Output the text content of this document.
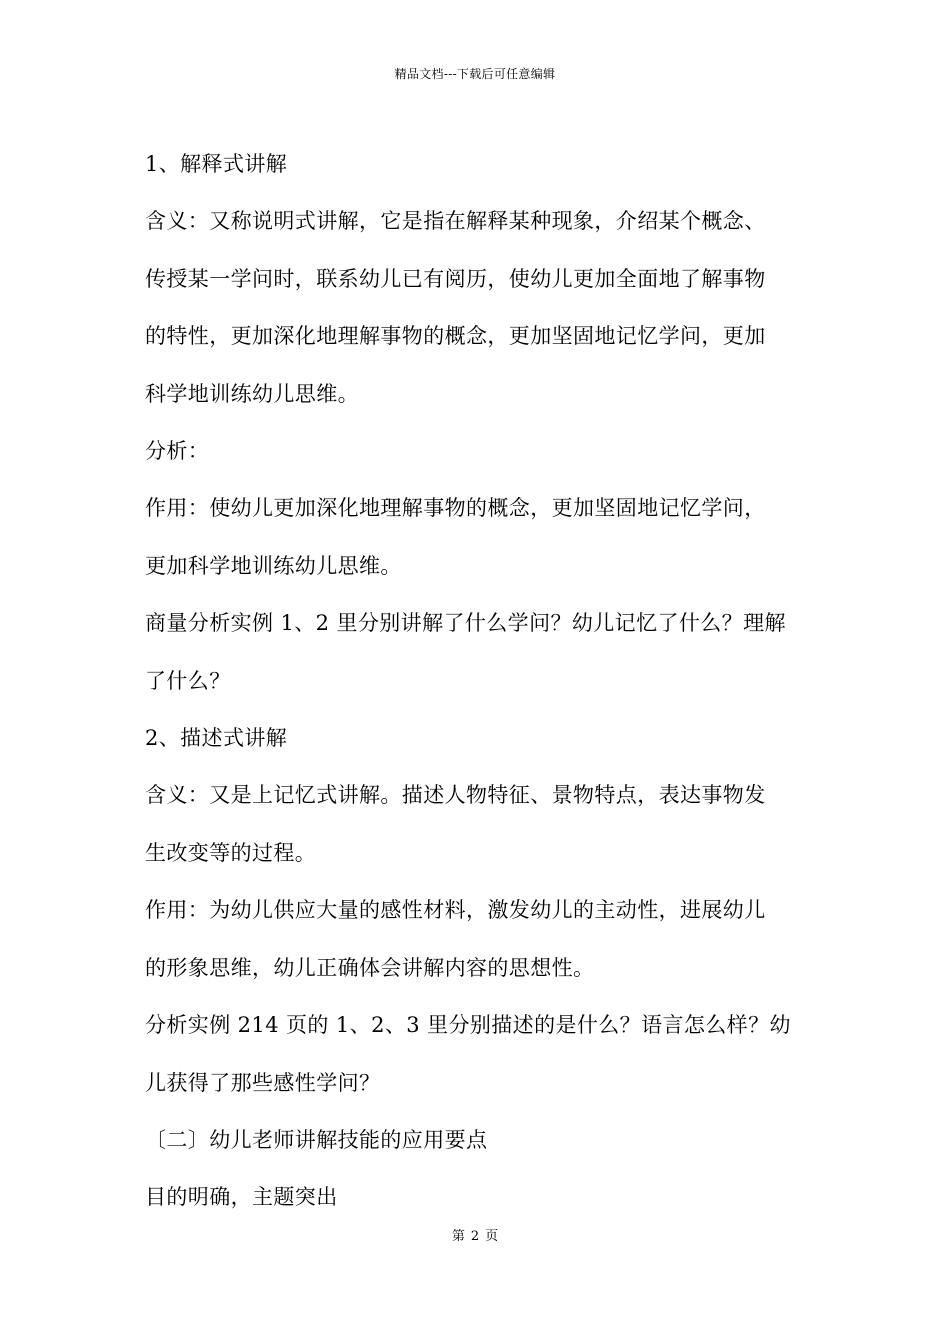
精品文档---下载后可任意编辑

1、解释式讲解

含义：又称说明式讲解，它是指在解释某种现象，介绍某个概念、

传授某一学问时，联系幼儿已有阅历，使幼儿更加全面地了解事物

的特性，更加深化地理解事物的概念，更加坚固地记忆学问，更加

科学地训练幼儿思维。

分析：

作用：使幼儿更加深化地理解事物的概念，更加坚固地记忆学问，

更加科学地训练幼儿思维。

商量分析实例 1、2 里分别讲解了什么学问？幼儿记忆了什么？理解

了什么？

2、描述式讲解

含义：又是上记忆式讲解。描述人物特征、景物特点，表达事物发

生改变等的过程。

作用：为幼儿供应大量的感性材料，激发幼儿的主动性，进展幼儿

的形象思维，幼儿正确体会讲解内容的思想性。

分析实例 214 页的 1、2、3 里分别描述的是什么？语言怎么样？幼

儿获得了那些感性学问？

〔二〕幼儿老师讲解技能的应用要点

目的明确，主题突出

第 2 页
